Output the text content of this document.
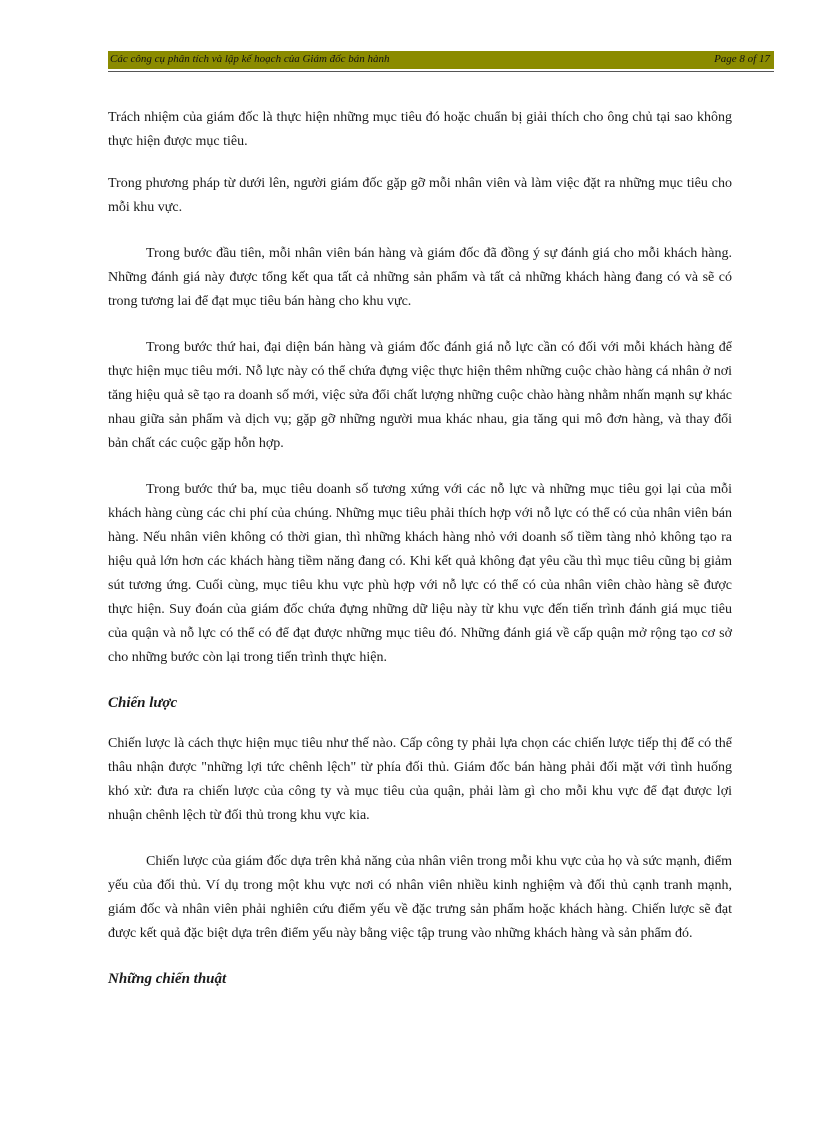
Các công cụ phân tích và lập kế hoạch của Giám đốc bán hành	Page 8 of 17

Trách nhiệm của giám đốc là thực hiện những mục tiêu đó hoặc chuẩn bị giải thích cho ông chủ tại sao không thực hiện được mục tiêu.

Trong phương pháp từ dưới lên, người giám đốc gặp gỡ mỗi nhân viên và làm việc đặt ra những mục tiêu cho mỗi khu vực.

Trong bước đầu tiên, mỗi nhân viên bán hàng và giám đốc đã đồng ý sự đánh giá cho mỗi khách hàng. Những đánh giá này được tổng kết qua tất cả những sản phẩm và tất cả những khách hàng đang có và sẽ có trong tương lai để đạt mục tiêu bán hàng cho khu vực.

Trong bước thứ hai, đại diện bán hàng và giám đốc đánh giá nỗ lực cần có đối với mỗi khách hàng để thực hiện mục tiêu mới. Nỗ lực này có thể chứa đựng việc thực hiện thêm những cuộc chào hàng cá nhân ở nơi tăng hiệu quả sẽ tạo ra doanh số mới, việc sửa đổi chất lượng những cuộc chào hàng nhằm nhấn mạnh sự khác nhau giữa sản phẩm và dịch vụ; gặp gỡ những người mua khác nhau, gia tăng qui mô đơn hàng, và thay đổi bản chất các cuộc gặp hỗn hợp.

Trong bước thứ ba, mục tiêu doanh số tương xứng với các nỗ lực và những mục tiêu gọi lại của mỗi khách hàng cùng các chi phí của chúng. Những mục tiêu phải thích hợp với nỗ lực có thể có của nhân viên bán hàng. Nếu nhân viên không có thời gian, thì những khách hàng nhỏ với doanh số tiềm tàng nhỏ không tạo ra hiệu quả lớn hơn các khách hàng tiềm năng đang có. Khi kết quả không đạt yêu cầu thì mục tiêu cũng bị giảm sút tương ứng. Cuối cùng, mục tiêu khu vực phù hợp với nỗ lực có thể có của nhân viên chào hàng sẽ được thực hiện. Suy đoán của giám đốc chứa đựng những dữ liệu này từ khu vực đến tiến trình đánh giá mục tiêu của quận và nỗ lực có thể có để đạt được những mục tiêu đó. Những đánh giá về cấp quận mở rộng tạo cơ sở cho những bước còn lại trong tiến trình thực hiện.

Chiến lược

Chiến lược là cách thực hiện mục tiêu như thế nào. Cấp công ty phải lựa chọn các chiến lược tiếp thị để có thể thâu nhận được "những lợi tức chênh lệch" từ phía đối thủ. Giám đốc bán hàng phải đối mặt với tình huống khó xử: đưa ra chiến lược của công ty và mục tiêu của quận, phải làm gì cho mỗi khu vực để đạt được lợi nhuận chênh lệch từ đối thủ trong khu vực kia.

Chiến lược của giám đốc dựa trên khả năng của nhân viên trong mỗi khu vực của họ và sức mạnh, điểm yếu của đối thủ. Ví dụ trong một khu vực nơi có nhân viên nhiều kinh nghiệm và đối thủ cạnh tranh mạnh, giám đốc và nhân viên phải nghiên cứu điểm yếu về đặc trưng sản phẩm hoặc khách hàng. Chiến lược sẽ đạt được kết quả đặc biệt dựa trên điểm yếu này bằng việc tập trung vào những khách hàng và sản phẩm đó.

Những chiến thuật
